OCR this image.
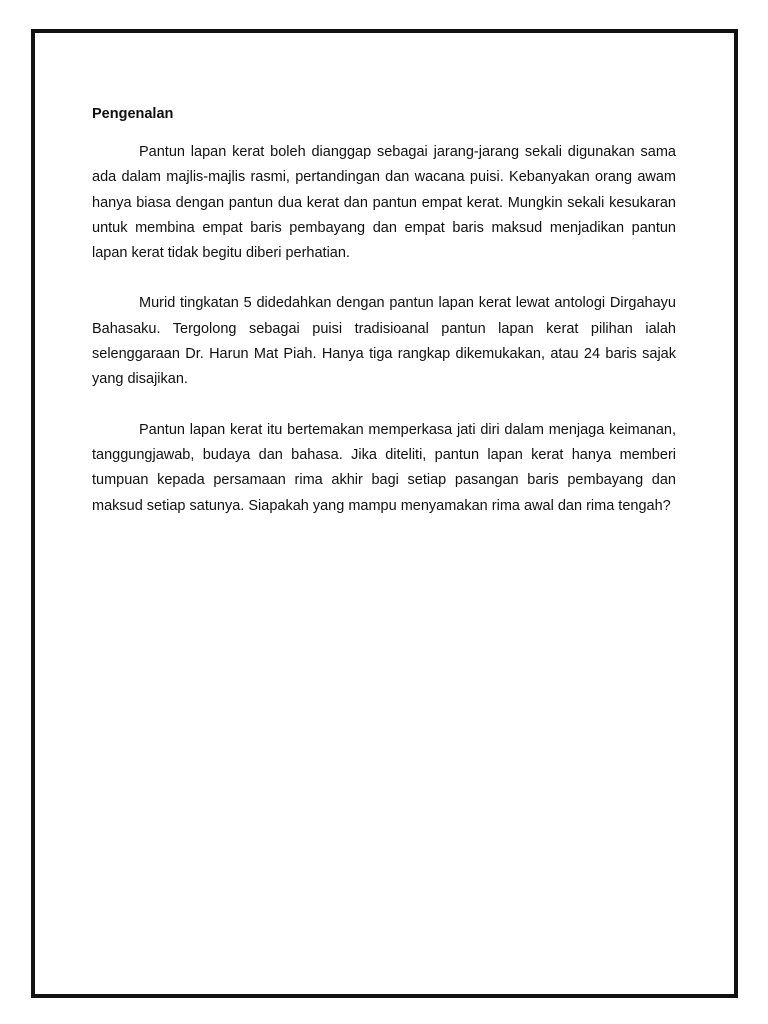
Pengenalan

Pantun lapan kerat boleh dianggap sebagai jarang-jarang sekali digunakan sama ada dalam majlis-majlis rasmi, pertandingan dan wacana puisi. Kebanyakan orang awam hanya biasa dengan pantun dua kerat dan pantun empat kerat. Mungkin sekali kesukaran untuk membina empat baris pembayang dan empat baris maksud menjadikan pantun lapan kerat tidak begitu diberi perhatian.

Murid tingkatan 5 didedahkan dengan pantun lapan kerat lewat antologi Dirgahayu Bahasaku. Tergolong sebagai puisi tradisioanal pantun lapan kerat pilihan ialah selenggaraan Dr. Harun Mat Piah. Hanya tiga rangkap dikemukakan, atau 24 baris sajak yang disajikan.

Pantun lapan kerat itu bertemakan memperkasa jati diri dalam menjaga keimanan, tanggungjawab, budaya dan bahasa. Jika diteliti, pantun lapan kerat hanya memberi tumpuan kepada persamaan rima akhir bagi setiap pasangan baris pembayang dan maksud setiap satunya. Siapakah yang mampu menyamakan rima awal dan rima tengah?
